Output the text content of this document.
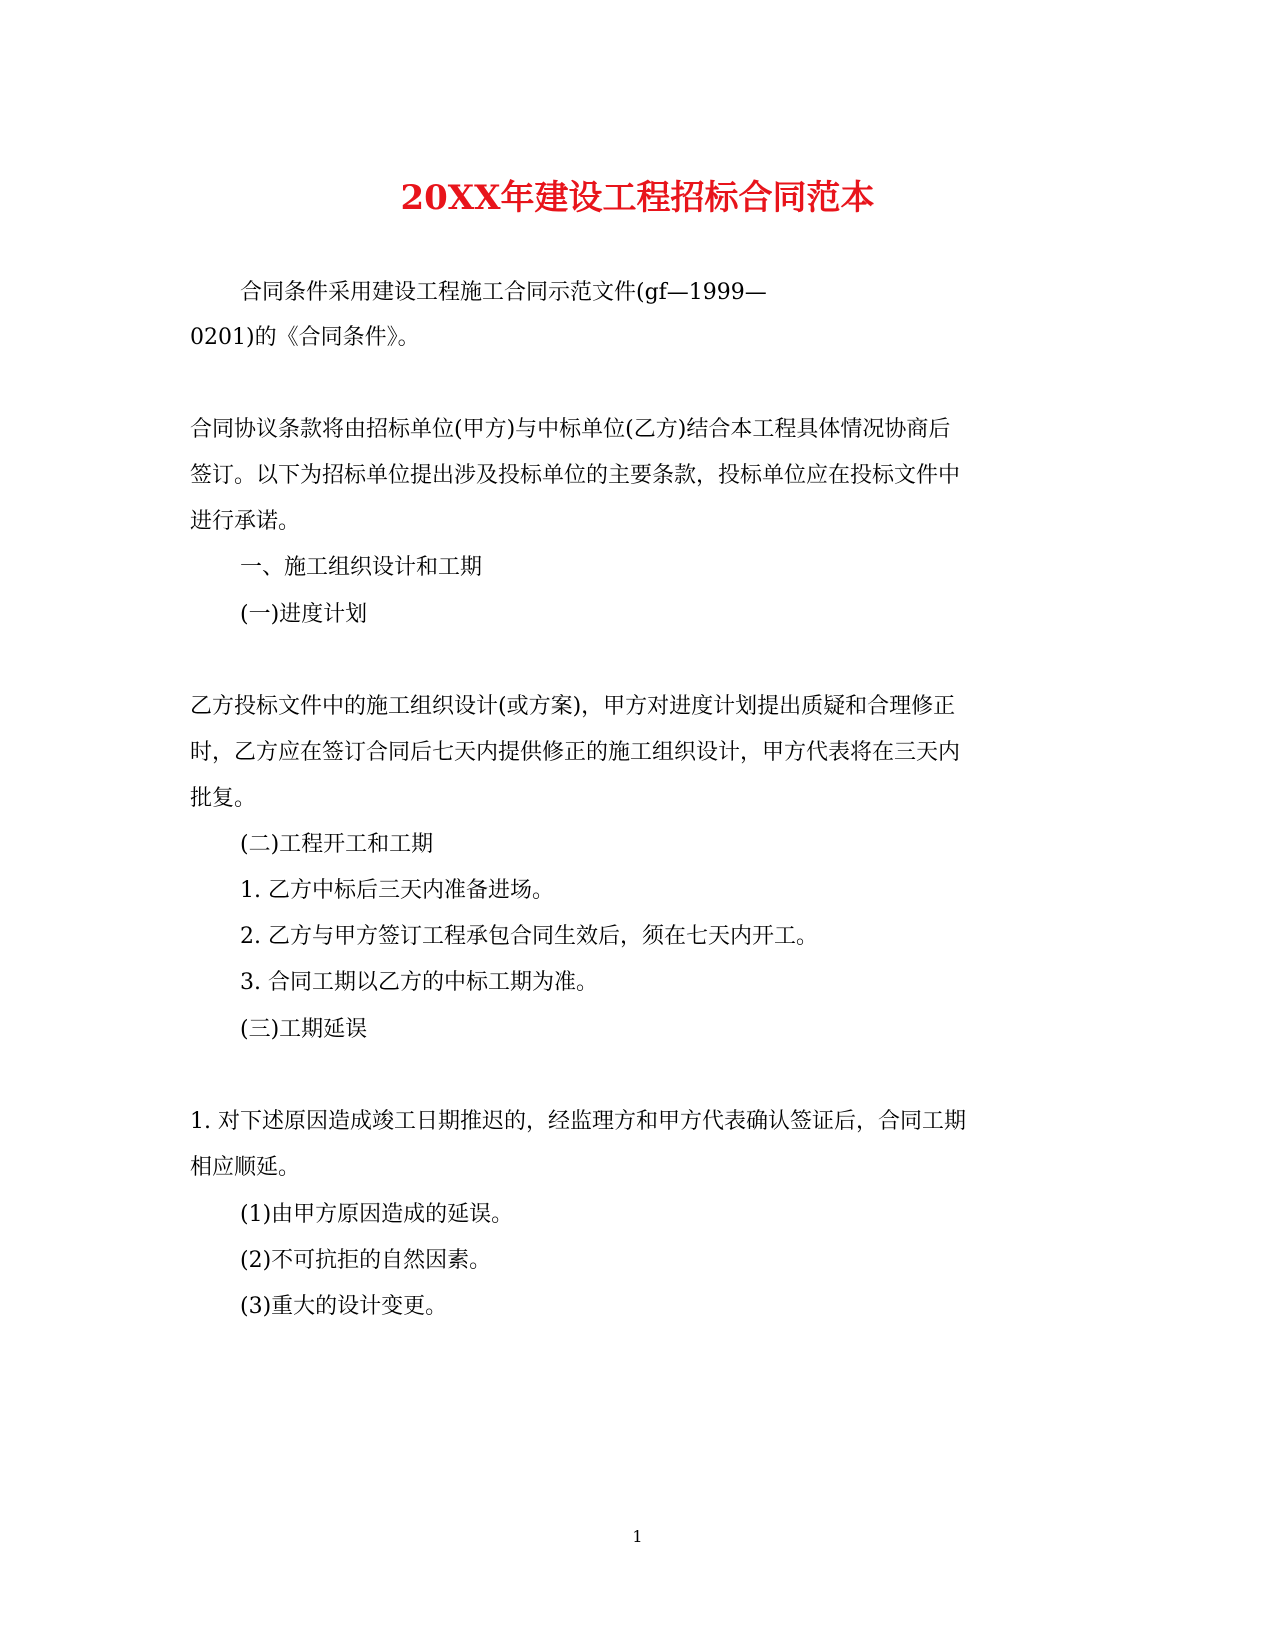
20XX年建设工程招标合同范本
合同条件采用建设工程施工合同示范文件(gf—1999—
0201)的《合同条件》。
合同协议条款将由招标单位(甲方)与中标单位(乙方)结合本工程具体情况协商后
签订。以下为招标单位提出涉及投标单位的主要条款，投标单位应在投标文件中
进行承诺。
一、施工组织设计和工期
(一)进度计划
乙方投标文件中的施工组织设计(或方案)，甲方对进度计划提出质疑和合理修正
时，乙方应在签订合同后七天内提供修正的施工组织设计，甲方代表将在三天内
批复。
(二)工程开工和工期
1. 乙方中标后三天内准备进场。
2. 乙方与甲方签订工程承包合同生效后，须在七天内开工。
3. 合同工期以乙方的中标工期为准。
(三)工期延误
1. 对下述原因造成竣工日期推迟的，经监理方和甲方代表确认签证后，合同工期
相应顺延。
(1)由甲方原因造成的延误。
(2)不可抗拒的自然因素。
(3)重大的设计变更。
1
